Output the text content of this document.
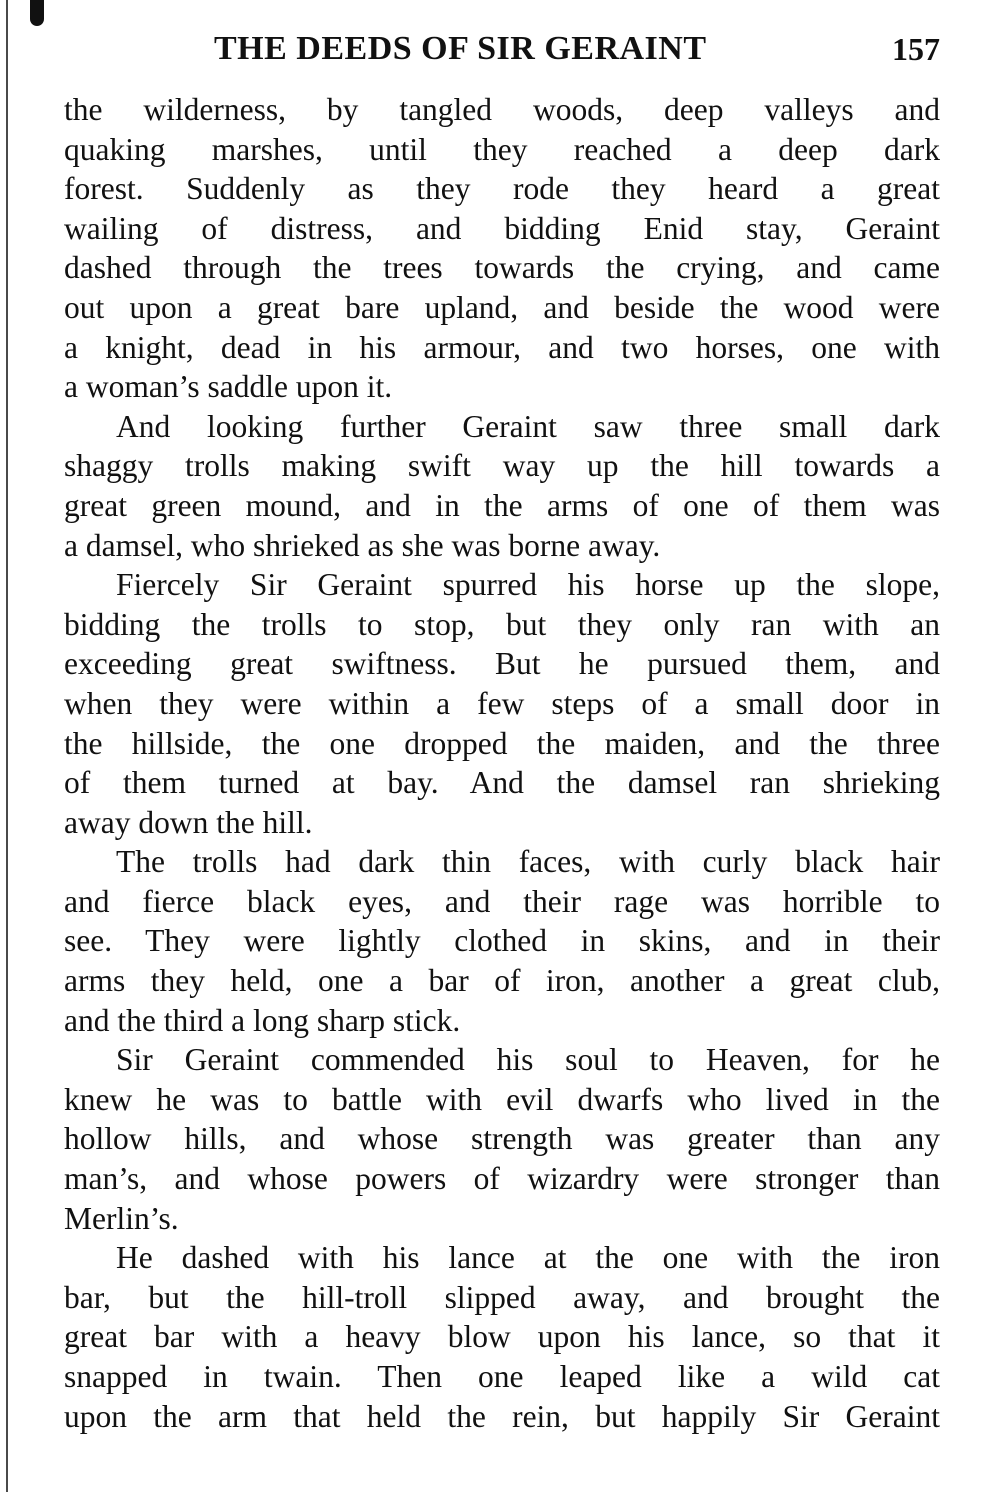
THE DEEDS OF SIR GERAINT	157
the wilderness, by tangled woods, deep valleys and
quaking marshes, until they reached a deep dark
forest. Suddenly as they rode they heard a great
wailing of distress, and bidding Enid stay, Geraint
dashed through the trees towards the crying, and came
out upon a great bare upland, and beside the wood were
a knight, dead in his armour, and two horses, one with
a woman’s saddle upon it.
And looking further Geraint saw three small dark
shaggy trolls making swift way up the hill towards a
great green mound, and in the arms of one of them was
a damsel, who shrieked as she was borne away.
Fiercely Sir Geraint spurred his horse up the slope,
bidding the trolls to stop, but they only ran with an
exceeding great swiftness. But he pursued them, and
when they were within a few steps of a small door in
the hillside, the one dropped the maiden, and the three
of them turned at bay. And the damsel ran shrieking
away down the hill.
The trolls had dark thin faces, with curly black hair
and fierce black eyes, and their rage was horrible to
see. They were lightly clothed in skins, and in their
arms they held, one a bar of iron, another a great club,
and the third a long sharp stick.
Sir Geraint commended his soul to Heaven, for he
knew he was to battle with evil dwarfs who lived in the
hollow hills, and whose strength was greater than any
man’s, and whose powers of wizardry were stronger than
Merlin’s.
He dashed with his lance at the one with the iron
bar, but the hill-troll slipped away, and brought the
great bar with a heavy blow upon his lance, so that it
snapped in twain. Then one leaped like a wild cat
upon the arm that held the rein, but happily Sir Geraint
